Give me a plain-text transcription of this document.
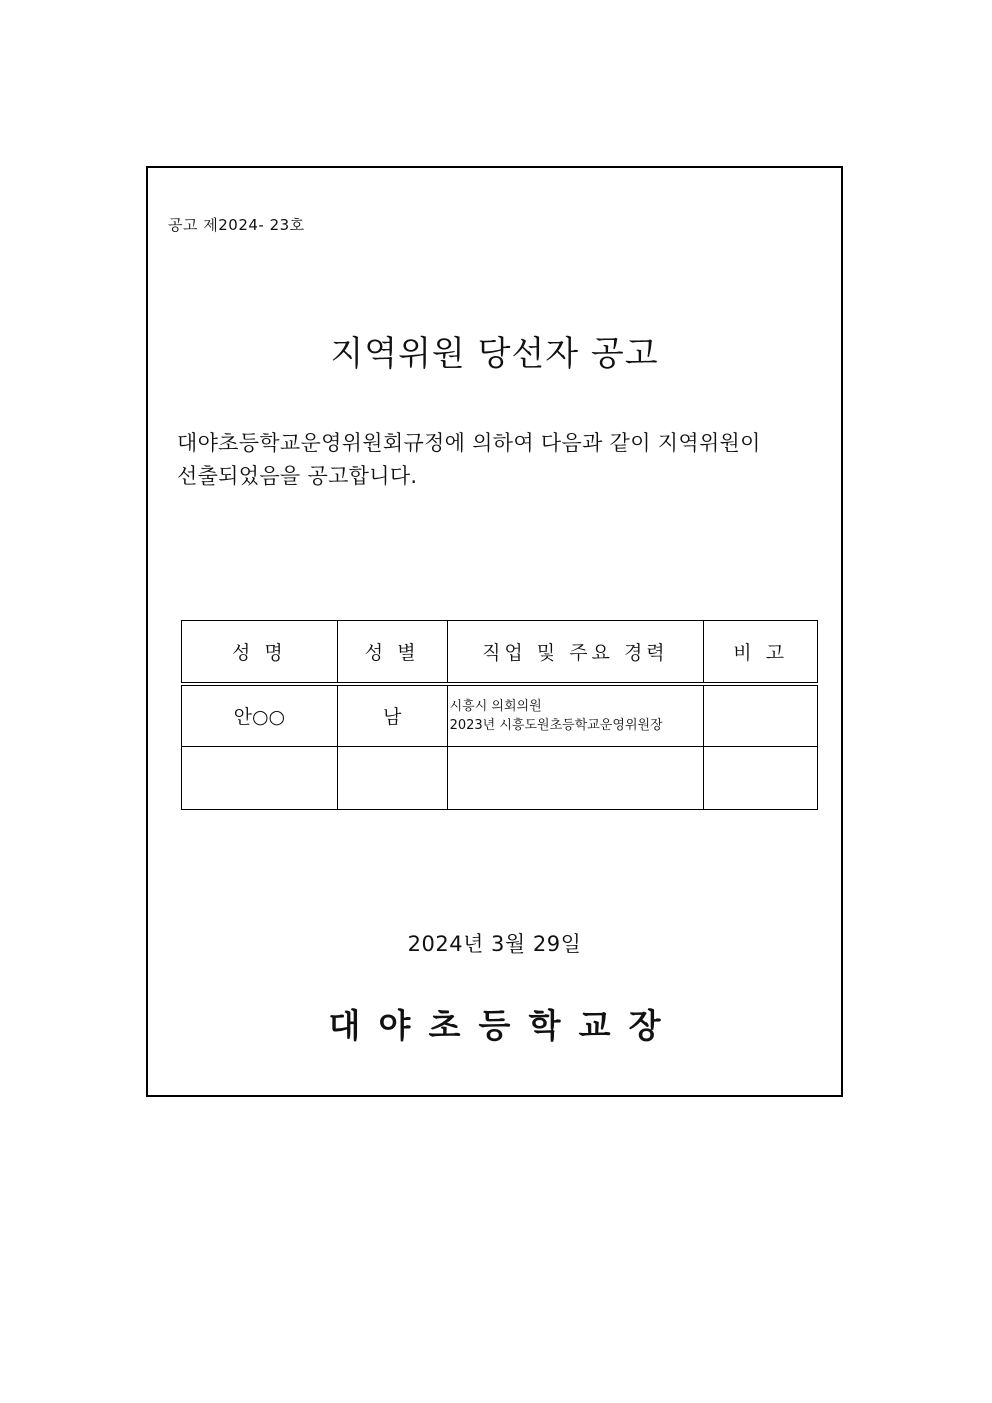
공고 제2024- 23호
지역위원 당선자 공고

대야초등학교운영위원회규정에 의하여 다음과 같이 지역위원이
선출되었음을 공고합니다.

성 명	성 별	직업 및 주요 경력	비 고
안○○	남	시흥시 의회의원
2023년 시흥도원초등학교운영위원장	

2024년 3월 29일
대야초등학교장
